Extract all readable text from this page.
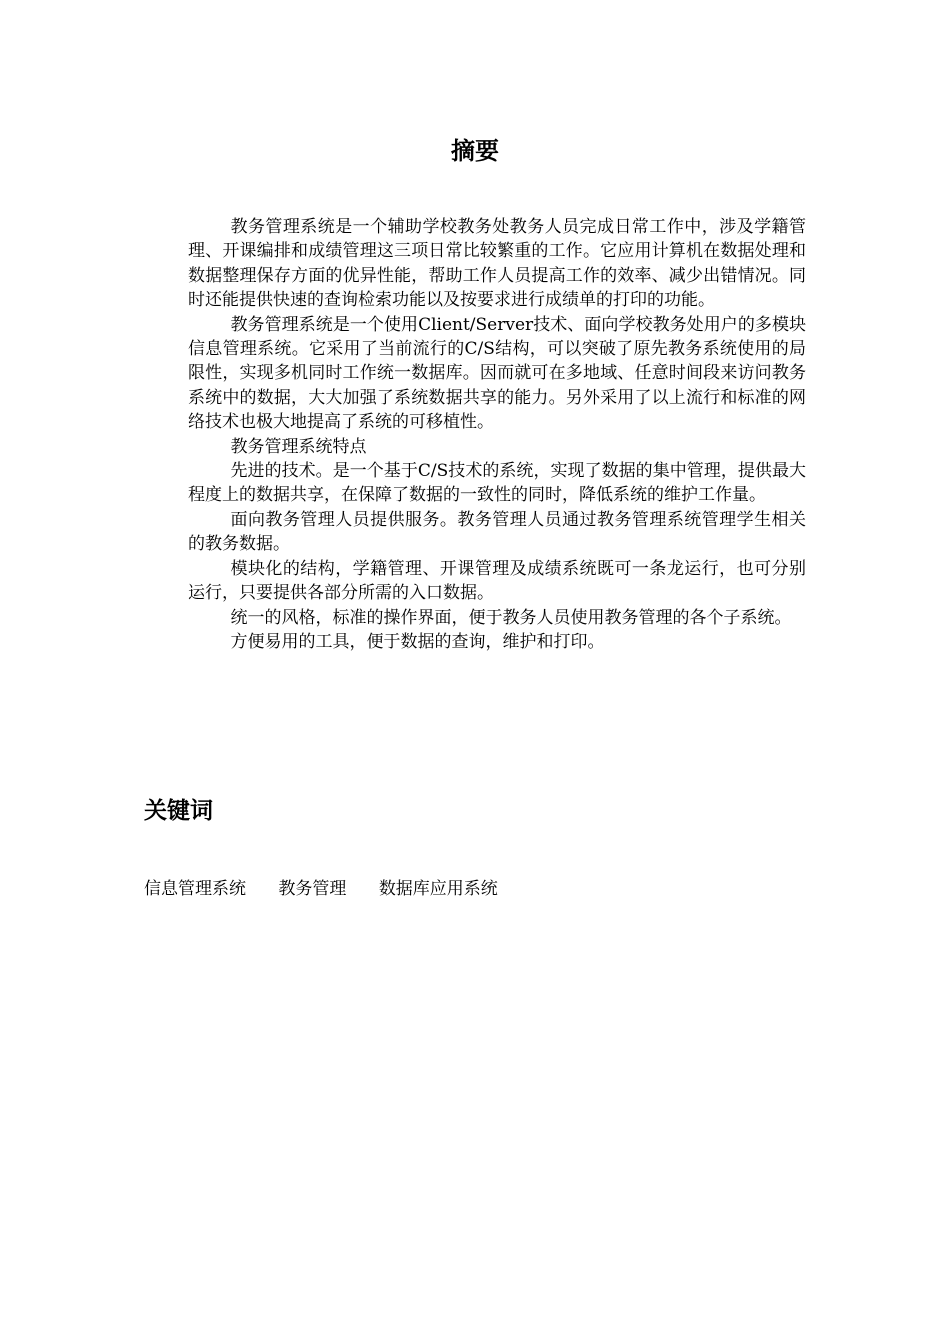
摘要

教务管理系统是一个辅助学校教务处教务人员完成日常工作中，涉及学籍管理、开课编排和成绩管理这三项日常比较繁重的工作。它应用计算机在数据处理和数据整理保存方面的优异性能，帮助工作人员提高工作的效率、减少出错情况。同时还能提供快速的查询检索功能以及按要求进行成绩单的打印的功能。

教务管理系统是一个使用Client/Server技术、面向学校教务处用户的多模块信息管理系统。它采用了当前流行的C/S结构，可以突破了原先教务系统使用的局限性，实现多机同时工作统一数据库。因而就可在多地域、任意时间段来访问教务系统中的数据，大大加强了系统数据共享的能力。另外采用了以上流行和标准的网络技术也极大地提高了系统的可移植性。

教务管理系统特点

先进的技术。是一个基于C/S技术的系统，实现了数据的集中管理，提供最大程度上的数据共享，在保障了数据的一致性的同时，降低系统的维护工作量。

面向教务管理人员提供服务。教务管理人员通过教务管理系统管理学生相关的教务数据。

模块化的结构，学籍管理、开课管理及成绩系统既可一条龙运行，也可分别运行，只要提供各部分所需的入口数据。

统一的风格，标准的操作界面，便于教务人员使用教务管理的各个子系统。

方便易用的工具，便于数据的查询，维护和打印。

关键词
信息管理系统 教务管理 数据库应用系统
